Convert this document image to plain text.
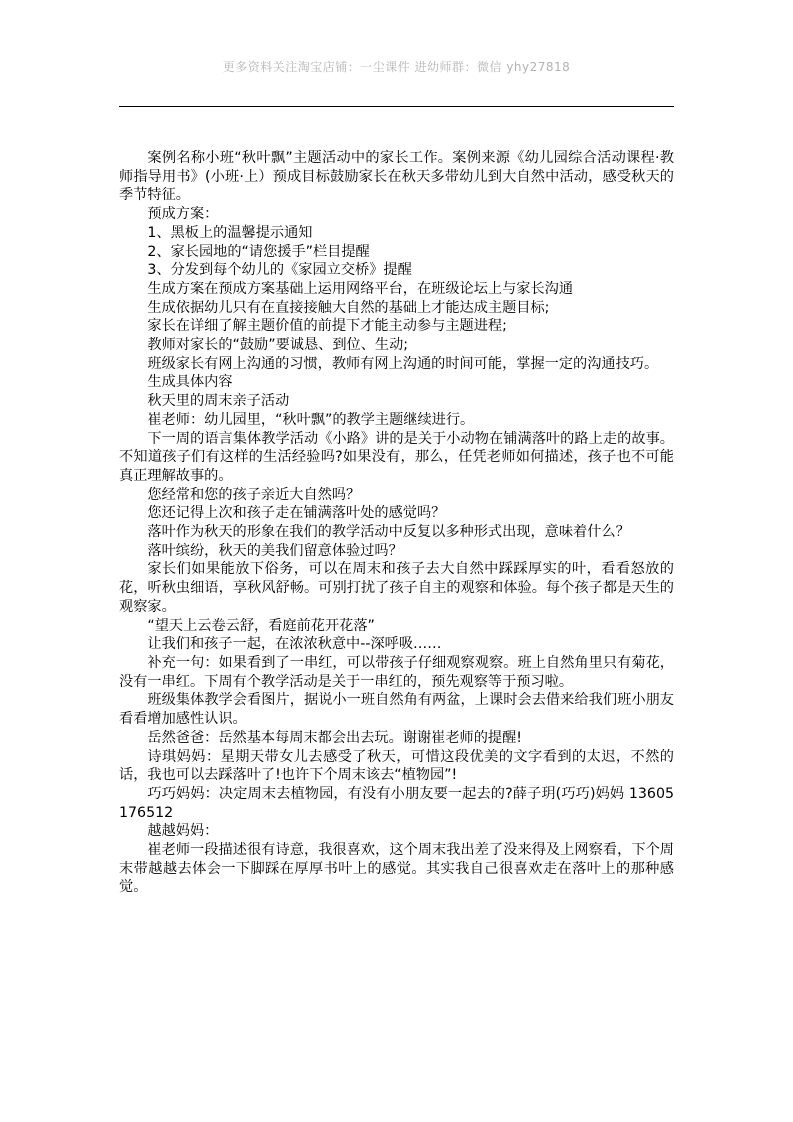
更多资料关注淘宝店铺：一尘课件 进幼师群：微信 yhy27818

案例名称小班“秋叶飘”主题活动中的家长工作。案例来源《幼儿园综合活动课程·教师指导用书》(小班·上）预成目标鼓励家长在秋天多带幼儿到大自然中活动，感受秋天的季节特征。

预成方案：

1、黑板上的温馨提示通知

2、家长园地的“请您援手”栏目提醒

3、分发到每个幼儿的《家园立交桥》提醒

生成方案在预成方案基础上运用网络平台，在班级论坛上与家长沟通

生成依据幼儿只有在直接接触大自然的基础上才能达成主题目标;

家长在详细了解主题价值的前提下才能主动参与主题进程;

教师对家长的“鼓励”要诚恳、到位、生动;

班级家长有网上沟通的习惯，教师有网上沟通的时间可能，掌握一定的沟通技巧。

生成具体内容

秋天里的周末亲子活动

崔老师：幼儿园里，“秋叶飘”的教学主题继续进行。

下一周的语言集体教学活动《小路》讲的是关于小动物在铺满落叶的路上走的故事。不知道孩子们有这样的生活经验吗?如果没有，那么，任凭老师如何描述，孩子也不可能真正理解故事的。

您经常和您的孩子亲近大自然吗？

您还记得上次和孩子走在铺满落叶处的感觉吗？

落叶作为秋天的形象在我们的教学活动中反复以多种形式出现，意味着什么？

落叶缤纷，秋天的美我们留意体验过吗？

家长们如果能放下俗务，可以在周末和孩子去大自然中踩踩厚实的叶，看看怒放的花，听秋虫细语，享秋风舒畅。可别打扰了孩子自主的观察和体验。每个孩子都是天生的观察家。

“望天上云卷云舒，看庭前花开花落”

让我们和孩子一起，在浓浓秋意中--深呼吸……

补充一句：如果看到了一串红，可以带孩子仔细观察观察。班上自然角里只有菊花，没有一串红。下周有个教学活动是关于一串红的，预先观察等于预习啦。

班级集体教学会看图片，据说小一班自然角有两盆，上课时会去借来给我们班小朋友看看增加感性认识。

岳然爸爸：岳然基本每周末都会出去玩。谢谢崔老师的提醒!

诗琪妈妈：星期天带女儿去感受了秋天，可惜这段优美的文字看到的太迟，不然的话，我也可以去踩落叶了!也许下个周末该去“植物园”!

巧巧妈妈：决定周末去植物园，有没有小朋友要一起去的?薛子玥(巧巧)妈妈 13605176512

越越妈妈：

崔老师一段描述很有诗意，我很喜欢，这个周末我出差了没来得及上网察看，下个周末带越越去体会一下脚踩在厚厚书叶上的感觉。其实我自己很喜欢走在落叶上的那种感觉。
